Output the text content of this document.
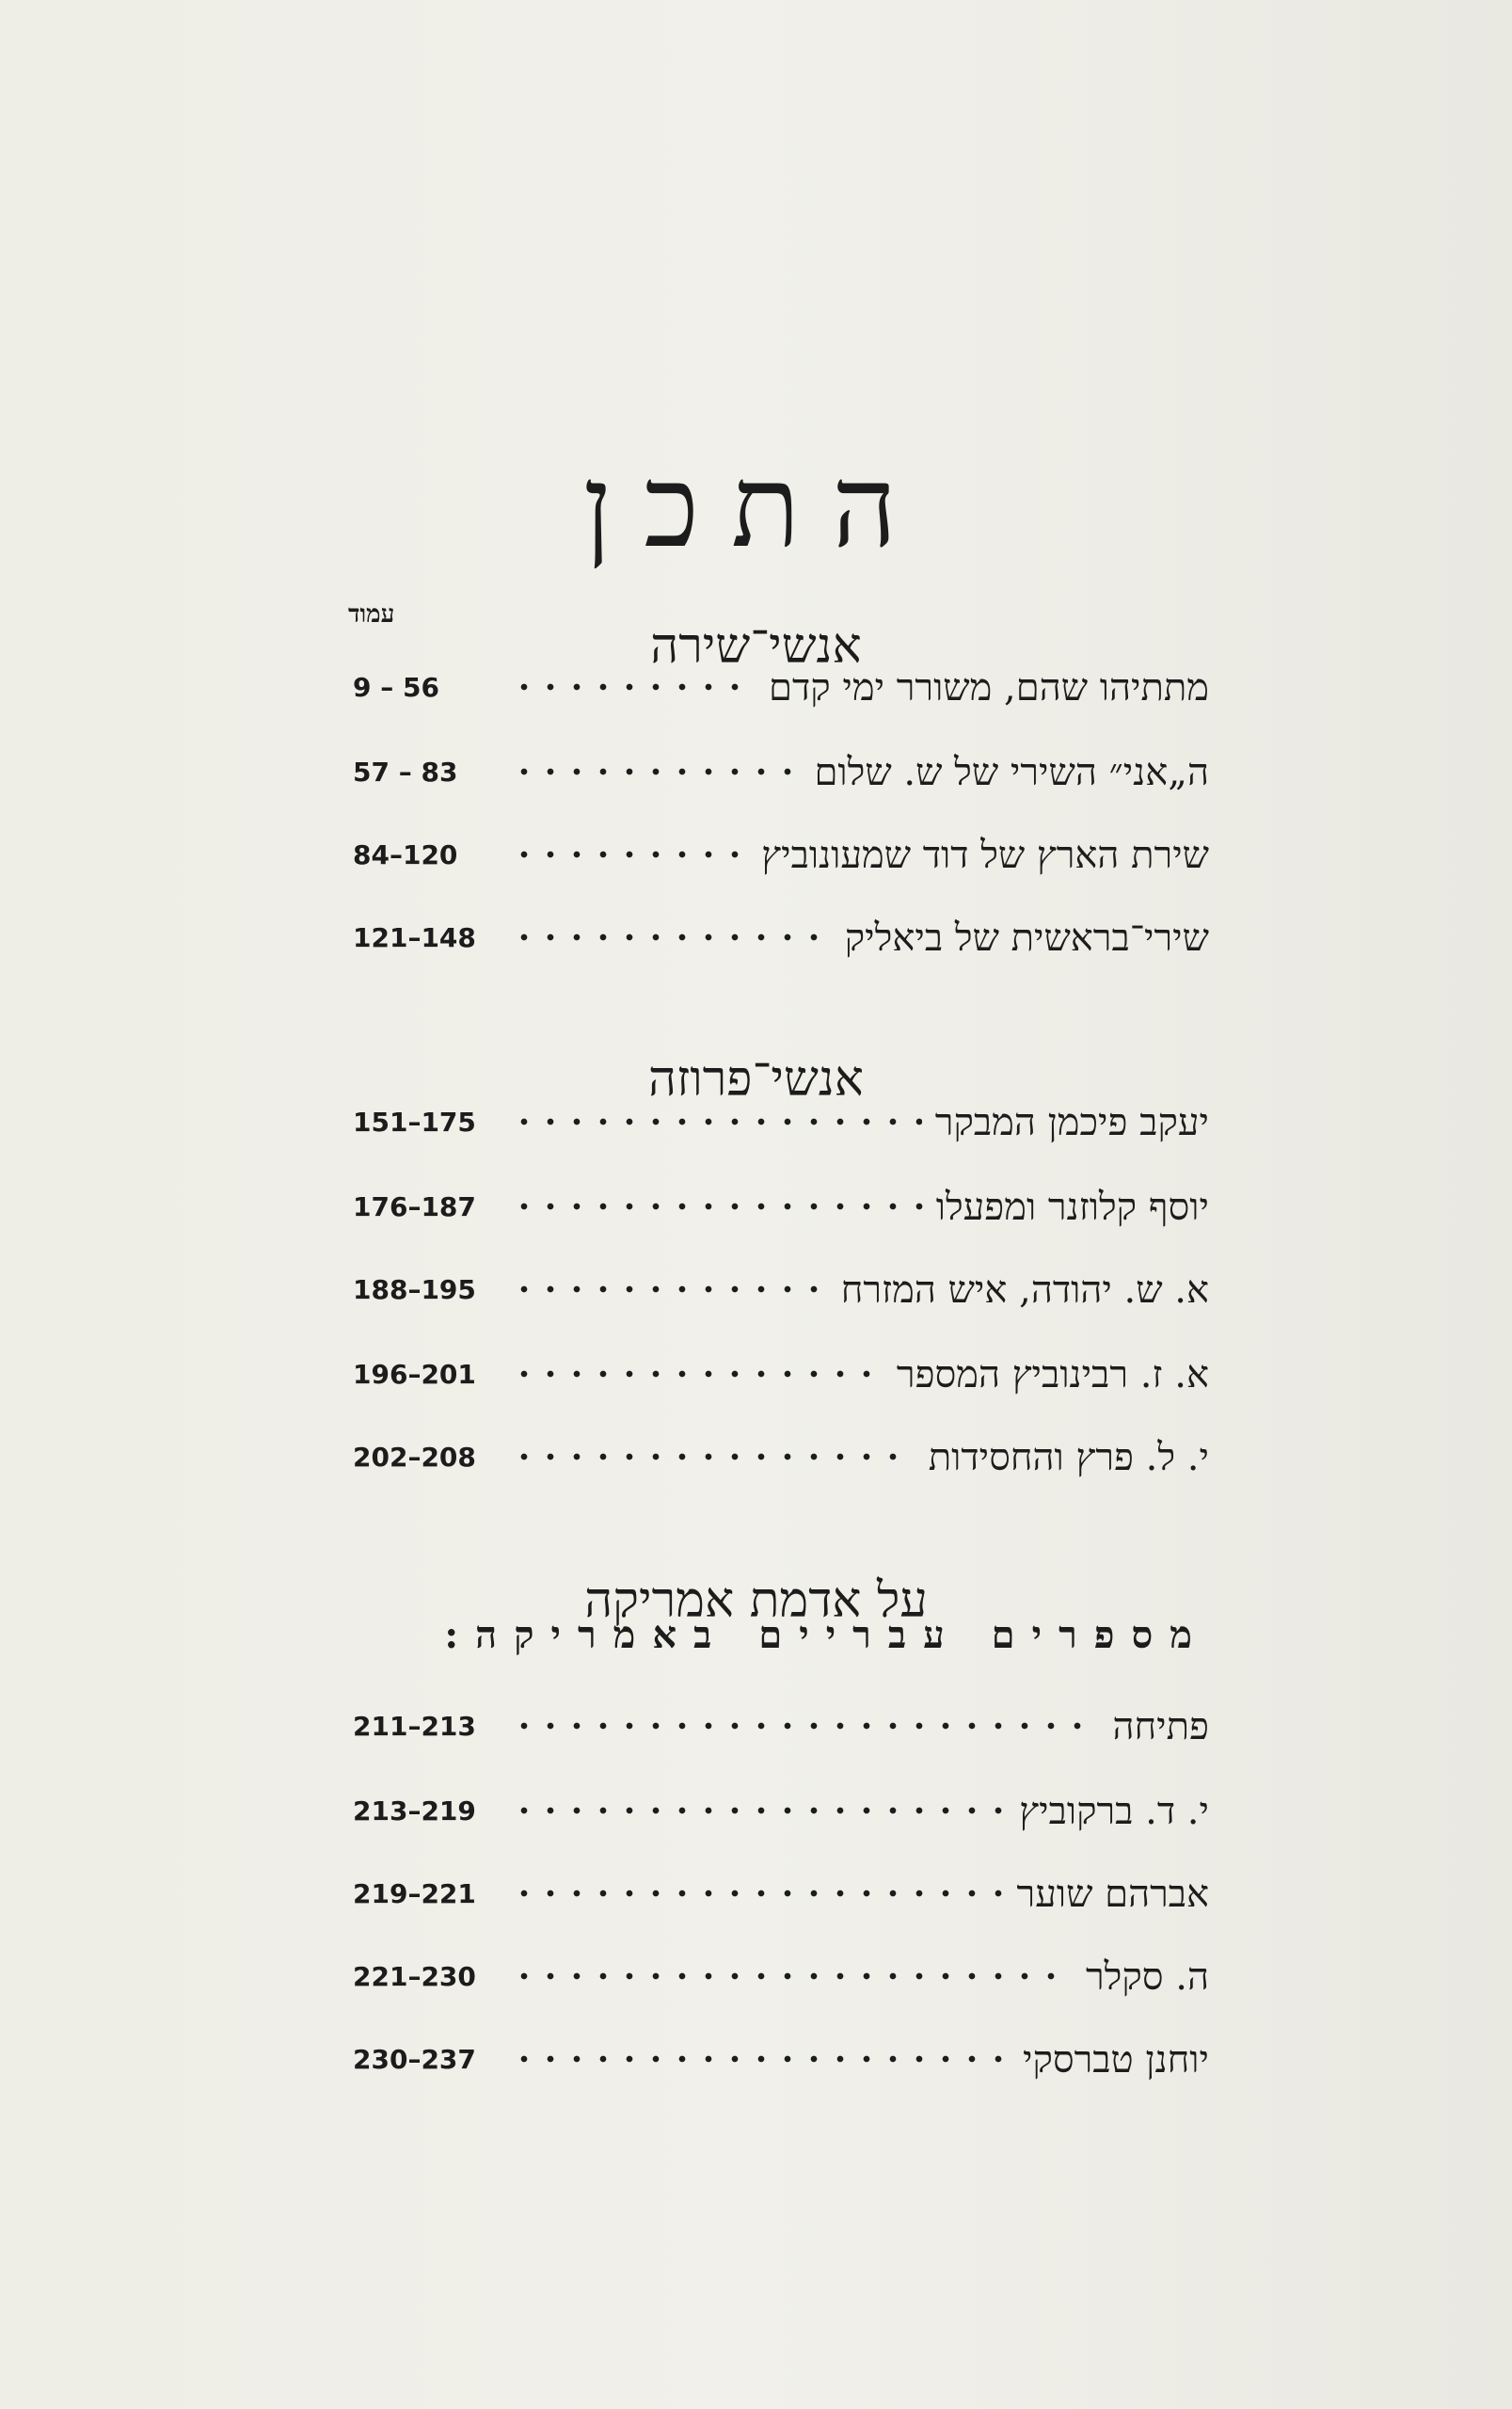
התכן
עמוד
אנשי־שירה
9 – 56	מתתיהו שהם, משורר ימי קדם
57 – 83	ה„אני״ השירי של ש. שלום
84–120	שירת הארץ של דוד שמעונוביץ
121–148	שירי־בראשית של ביאליק
אנשי־פרוזה
151–175	יעקב פיכמן המבקר
176–187	יוסף קלוזנר ומפעלו
188–195	א. ש. יהודה, איש המזרח
196–201	א. ז. רבינוביץ המספר
202–208	י. ל. פרץ והחסידות
על אדמת אמריקה
מספרים עבריים באמריקה:
211–213	פתיחה
213–219	י. ד. ברקוביץ
219–221	אברהם שוער
221–230	ה. סקלר
230–237	יוחנן טברסקי
